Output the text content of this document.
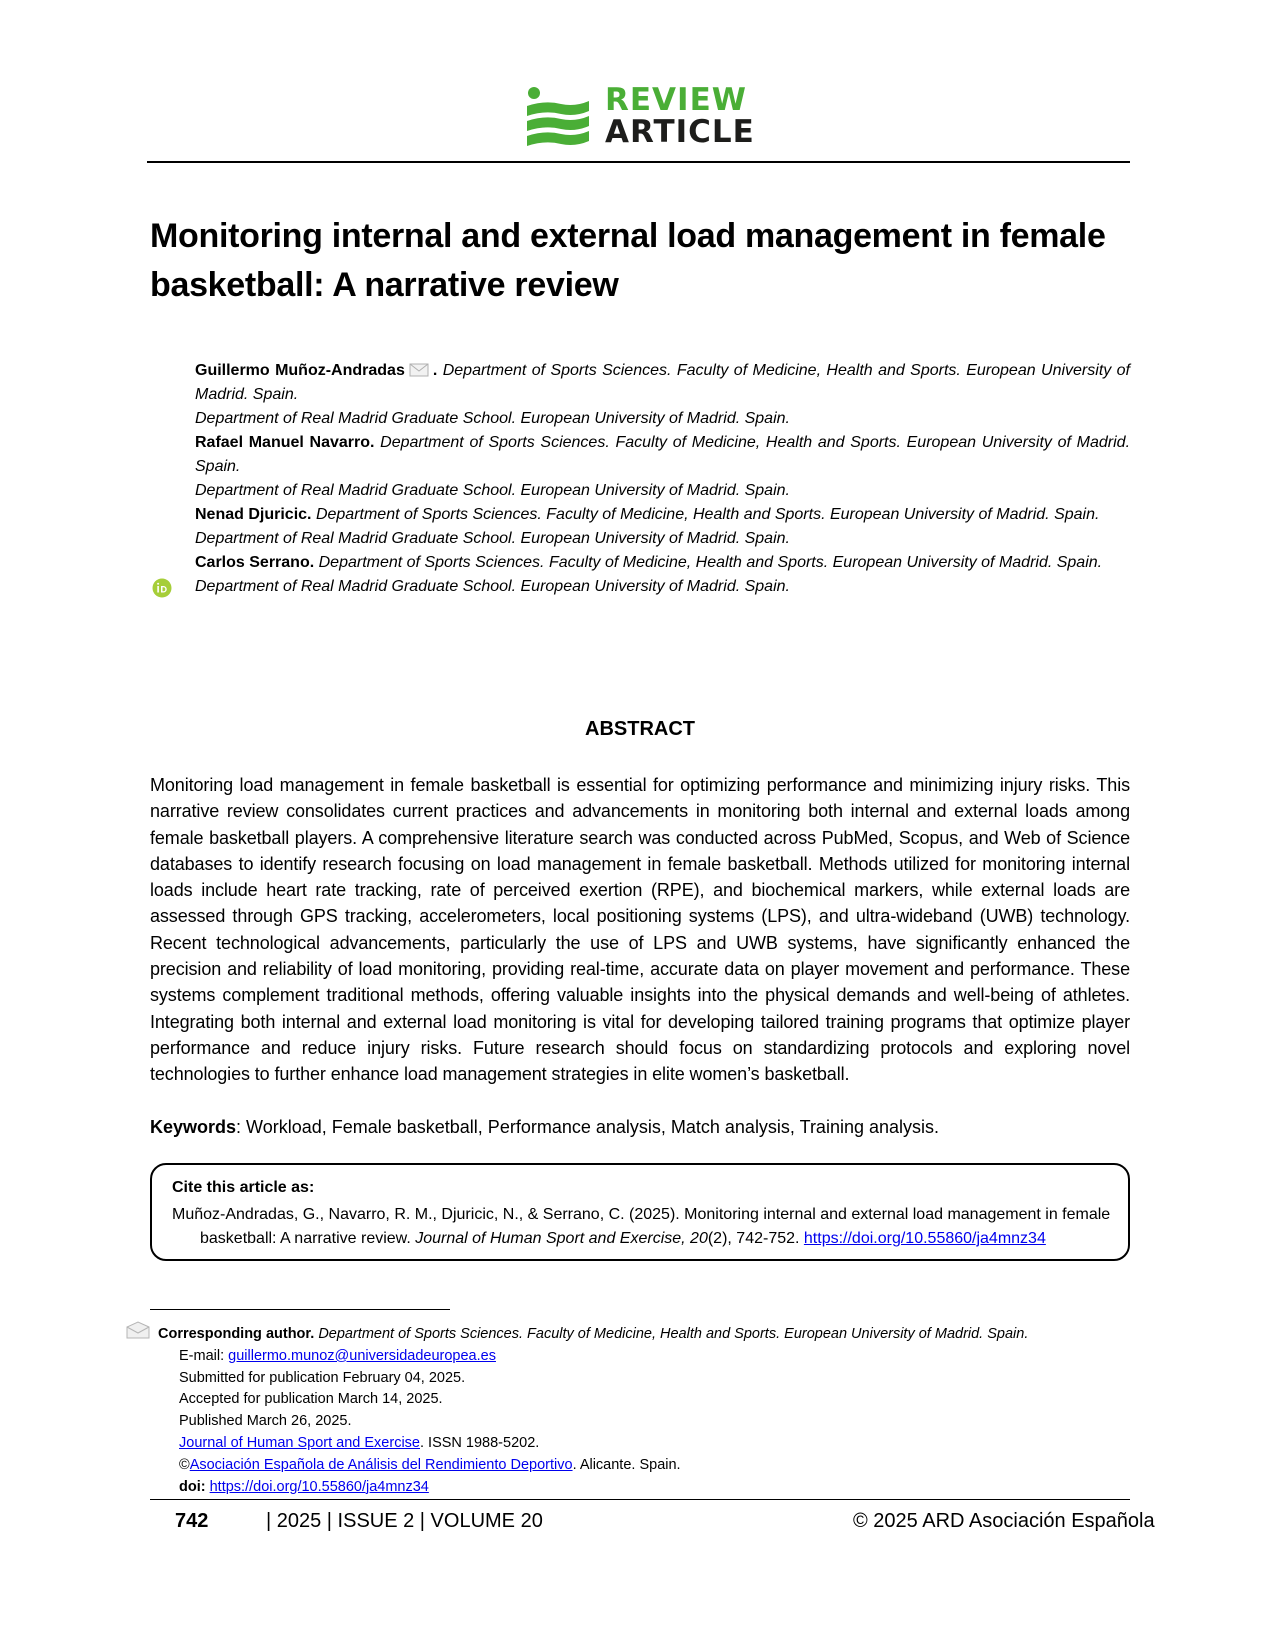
REVIEW
ARTICLE
Monitoring internal and external load management in female basketball: A narrative review

Guillermo Muñoz-Andradas . Department of Sports Sciences. Faculty of Medicine, Health and Sports. European University of Madrid. Spain.

Department of Real Madrid Graduate School. European University of Madrid. Spain.

Rafael Manuel Navarro. Department of Sports Sciences. Faculty of Medicine, Health and Sports. European University of Madrid. Spain.

Department of Real Madrid Graduate School. European University of Madrid. Spain.

Nenad Djuricic. Department of Sports Sciences. Faculty of Medicine, Health and Sports. European University of Madrid. Spain.

Department of Real Madrid Graduate School. European University of Madrid. Spain.

Carlos Serrano. Department of Sports Sciences. Faculty of Medicine, Health and Sports. European University of Madrid. Spain.

Department of Real Madrid Graduate School. European University of Madrid. Spain.

ABSTRACT

Monitoring load management in female basketball is essential for optimizing performance and minimizing injury risks. This narrative review consolidates current practices and advancements in monitoring both internal and external loads among female basketball players. A comprehensive literature search was conducted across PubMed, Scopus, and Web of Science databases to identify research focusing on load management in female basketball. Methods utilized for monitoring internal loads include heart rate tracking, rate of perceived exertion (RPE), and biochemical markers, while external loads are assessed through GPS tracking, accelerometers, local positioning systems (LPS), and ultra-wideband (UWB) technology. Recent technological advancements, particularly the use of LPS and UWB systems, have significantly enhanced the precision and reliability of load monitoring, providing real-time, accurate data on player movement and performance. These systems complement traditional methods, offering valuable insights into the physical demands and well-being of athletes. Integrating both internal and external load monitoring is vital for developing tailored training programs that optimize player performance and reduce injury risks. Future research should focus on standardizing protocols and exploring novel technologies to further enhance load management strategies in elite women’s basketball.

Keywords: Workload, Female basketball, Performance analysis, Match analysis, Training analysis.

Cite this article as:
Muñoz-Andradas, G., Navarro, R. M., Djuricic, N., & Serrano, C. (2025). Monitoring internal and external load management in female basketball: A narrative review. Journal of Human Sport and Exercise, 20(2), 742-752. https://doi.org/10.55860/ja4mnz34

Corresponding author. Department of Sports Sciences. Faculty of Medicine, Health and Sports. European University of Madrid. Spain.

E-mail: guillermo.munoz@universidadeuropea.es

Submitted for publication February 04, 2025.

Accepted for publication March 14, 2025.

Published March 26, 2025.

Journal of Human Sport and Exercise. ISSN 1988-5202.

©Asociación Española de Análisis del Rendimiento Deportivo. Alicante. Spain.

doi: https://doi.org/10.55860/ja4mnz34

742	| 2025 | ISSUE 2 | VOLUME 20	© 2025 ARD Asociación Española
